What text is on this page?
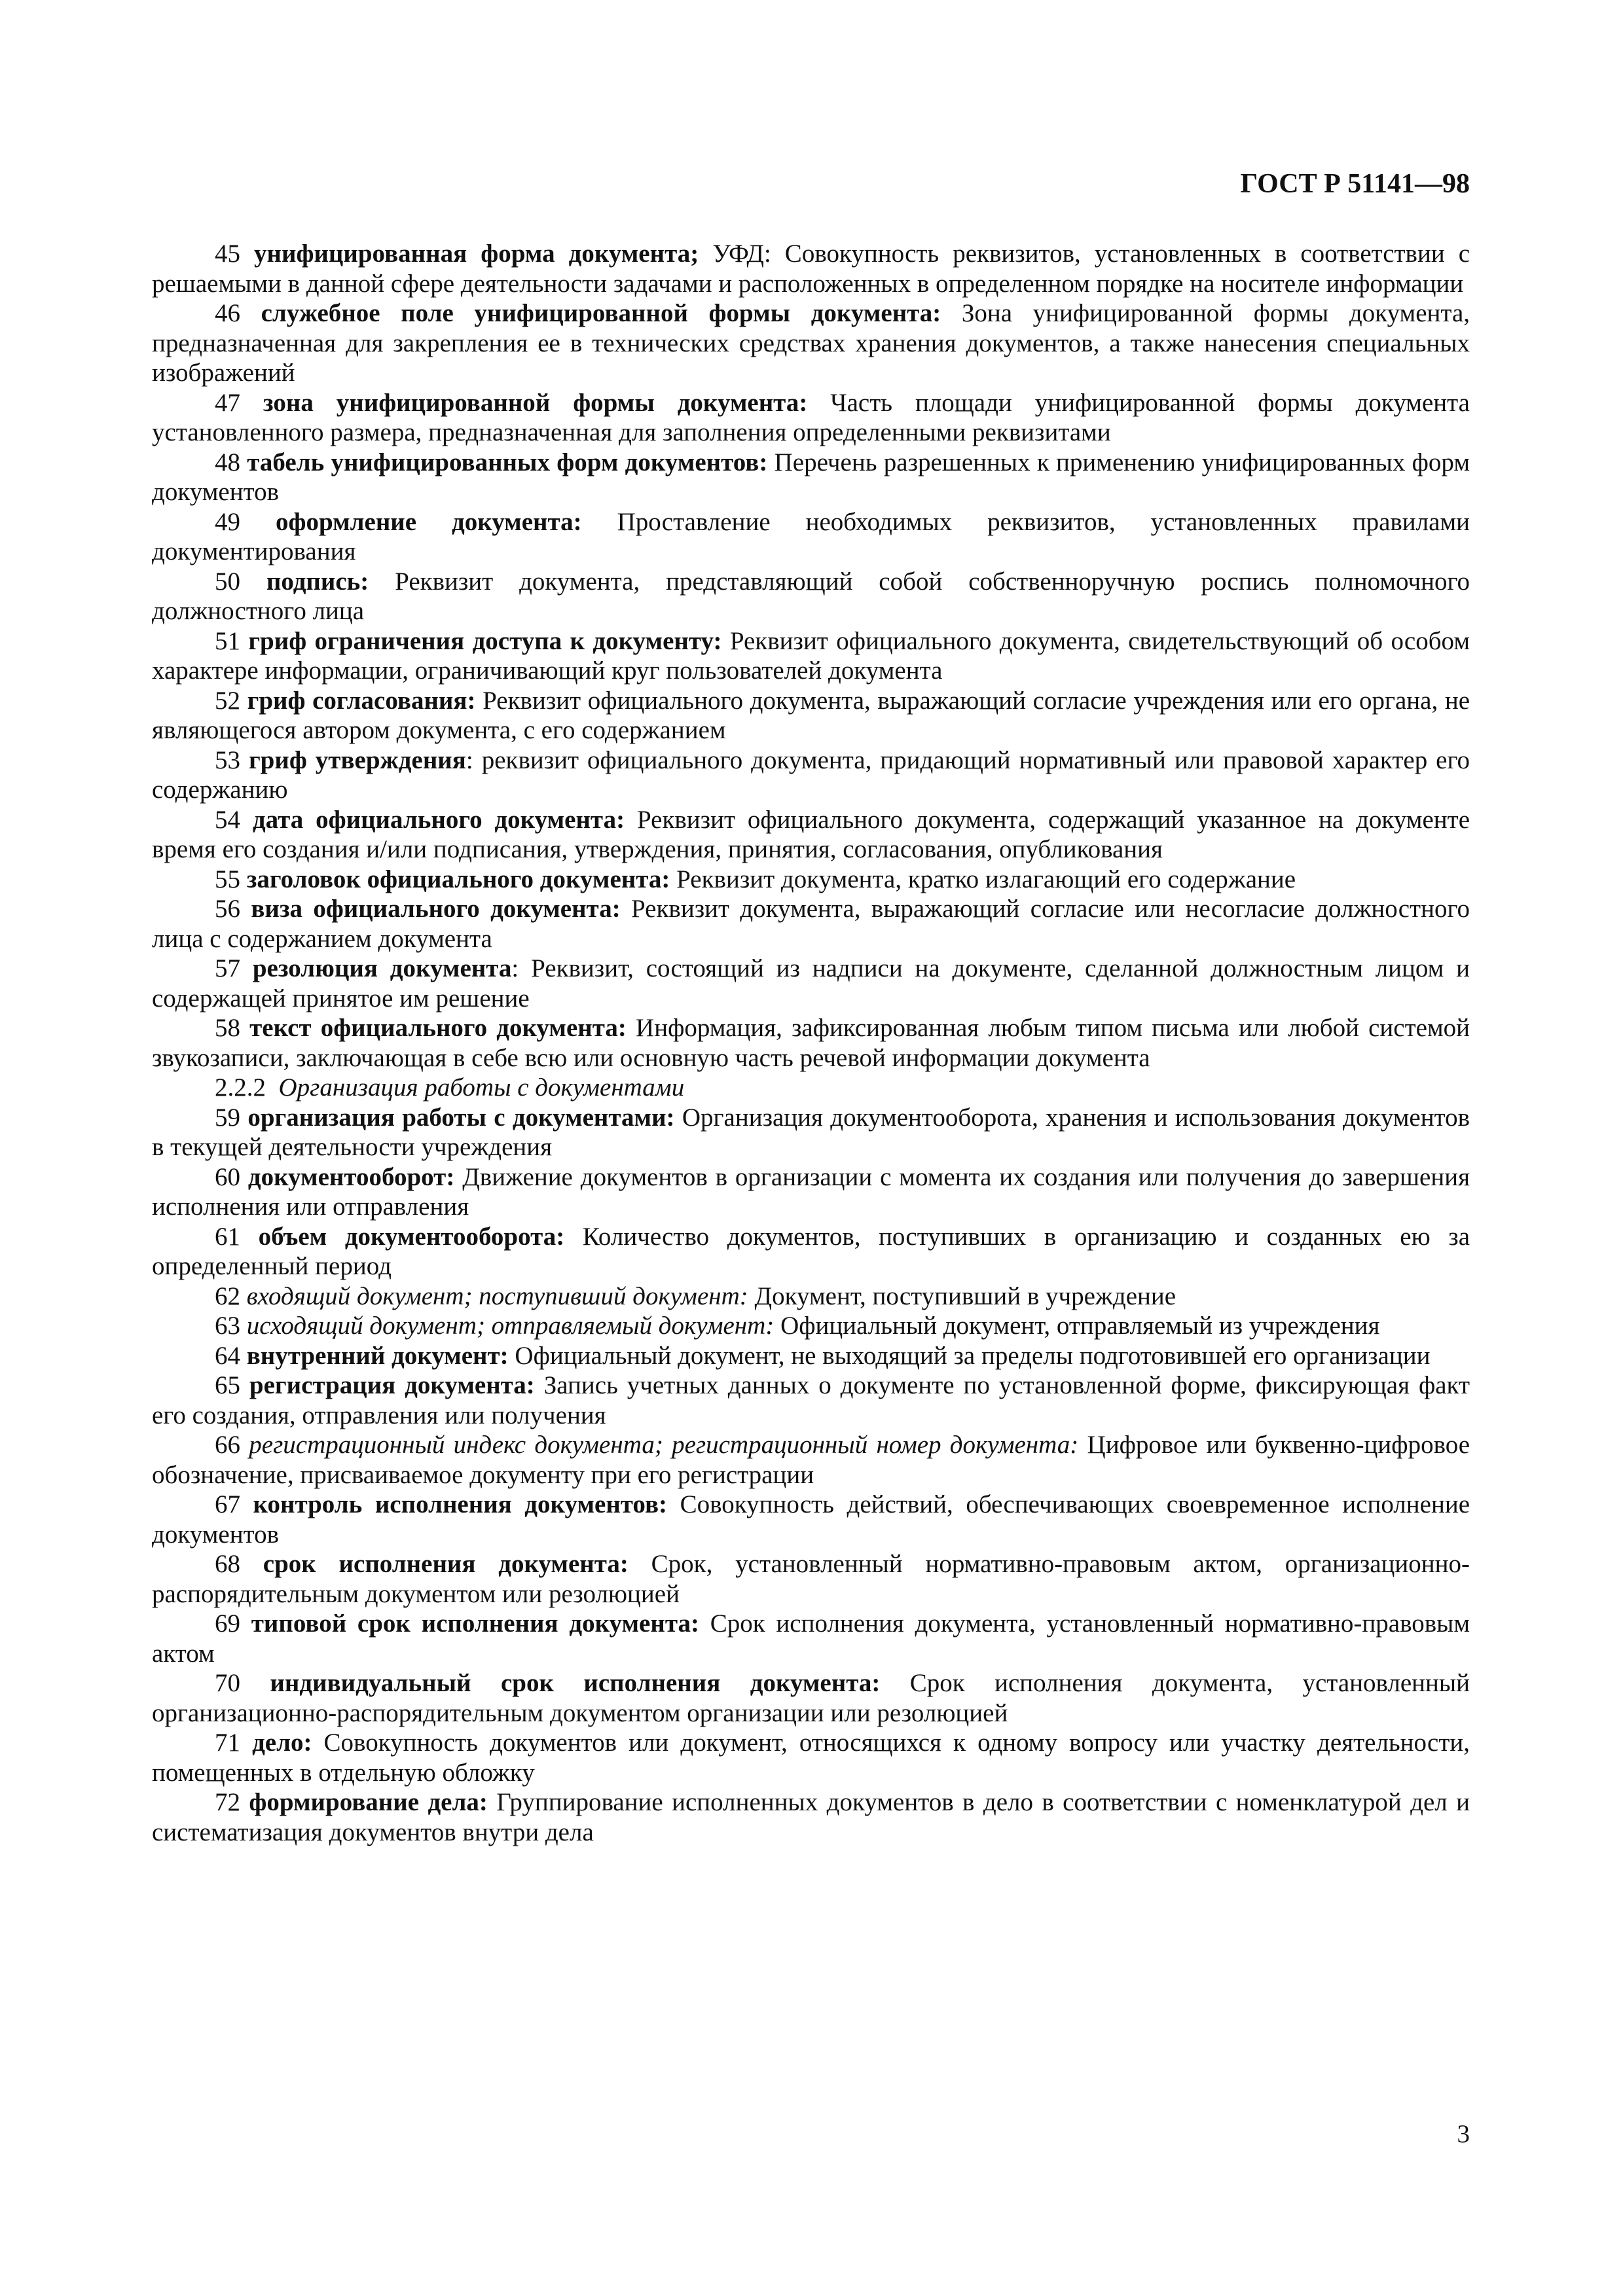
ГОСТ Р 51141—98

45 унифицированная форма документа; УФД: Совокупность реквизитов, установленных в соответствии с решаемыми в данной сфере деятельности задачами и расположенных в определенном порядке на носителе информации

46 служебное поле унифицированной формы документа: Зона унифицированной формы документа, предназначенная для закрепления ее в технических средствах хранения документов, а также нанесения специальных изображений

47 зона унифицированной формы документа: Часть площади унифицированной формы документа установленного размера, предназначенная для заполнения определенными реквизитами

48 табель унифицированных форм документов: Перечень разрешенных к применению унифицированных форм документов

49 оформление документа: Проставление необходимых реквизитов, установленных правилами документирования

50 подпись: Реквизит документа, представляющий собой собственноручную роспись полномочного должностного лица

51 гриф ограничения доступа к документу: Реквизит официального документа, свидетельствующий об особом характере информации, ограничивающий круг пользователей документа

52 гриф согласования: Реквизит официального документа, выражающий согласие учреждения или его органа, не являющегося автором документа, с его содержанием

53 гриф утверждения: реквизит официального документа, придающий нормативный или правовой характер его содержанию

54 дата официального документа: Реквизит официального документа, содержащий указанное на документе время его создания и/или подписания, утверждения, принятия, согласования, опубликования

55 заголовок официального документа: Реквизит документа, кратко излагающий его содержание

56 виза официального документа: Реквизит документа, выражающий согласие или несогласие должностного лица с содержанием документа

57 резолюция документа: Реквизит, состоящий из надписи на документе, сделанной должностным лицом и содержащей принятое им решение

58 текст официального документа: Информация, зафиксированная любым типом письма или любой системой звукозаписи, заключающая в себе всю или основную часть речевой информации документа

2.2.2 Организация работы с документами

59 организация работы с документами: Организация документооборота, хранения и использования документов в текущей деятельности учреждения

60 документооборот: Движение документов в организации с момента их создания или получения до завершения исполнения или отправления

61 объем документооборота: Количество документов, поступивших в организацию и созданных ею за определенный период

62 входящий документ; поступивший документ: Документ, поступивший в учреждение

63 исходящий документ; отправляемый документ: Официальный документ, отправляемый из учреждения

64 внутренний документ: Официальный документ, не выходящий за пределы подготовившей его организации

65 регистрация документа: Запись учетных данных о документе по установленной форме, фиксирующая факт его создания, отправления или получения

66 регистрационный индекс документа; регистрационный номер документа: Цифровое или буквенно-цифровое обозначение, присваиваемое документу при его регистрации

67 контроль исполнения документов: Совокупность действий, обеспечивающих своевременное исполнение документов

68 срок исполнения документа: Срок, установленный нормативно-правовым актом, организационно-распорядительным документом или резолюцией

69 типовой срок исполнения документа: Срок исполнения документа, установленный нормативно-правовым актом

70 индивидуальный срок исполнения документа: Срок исполнения документа, установленный организационно-распорядительным документом организации или резолюцией

71 дело: Совокупность документов или документ, относящихся к одному вопросу или участку деятельности, помещенных в отдельную обложку

72 формирование дела: Группирование исполненных документов в дело в соответствии с номенклатурой дел и систематизация документов внутри дела

3
